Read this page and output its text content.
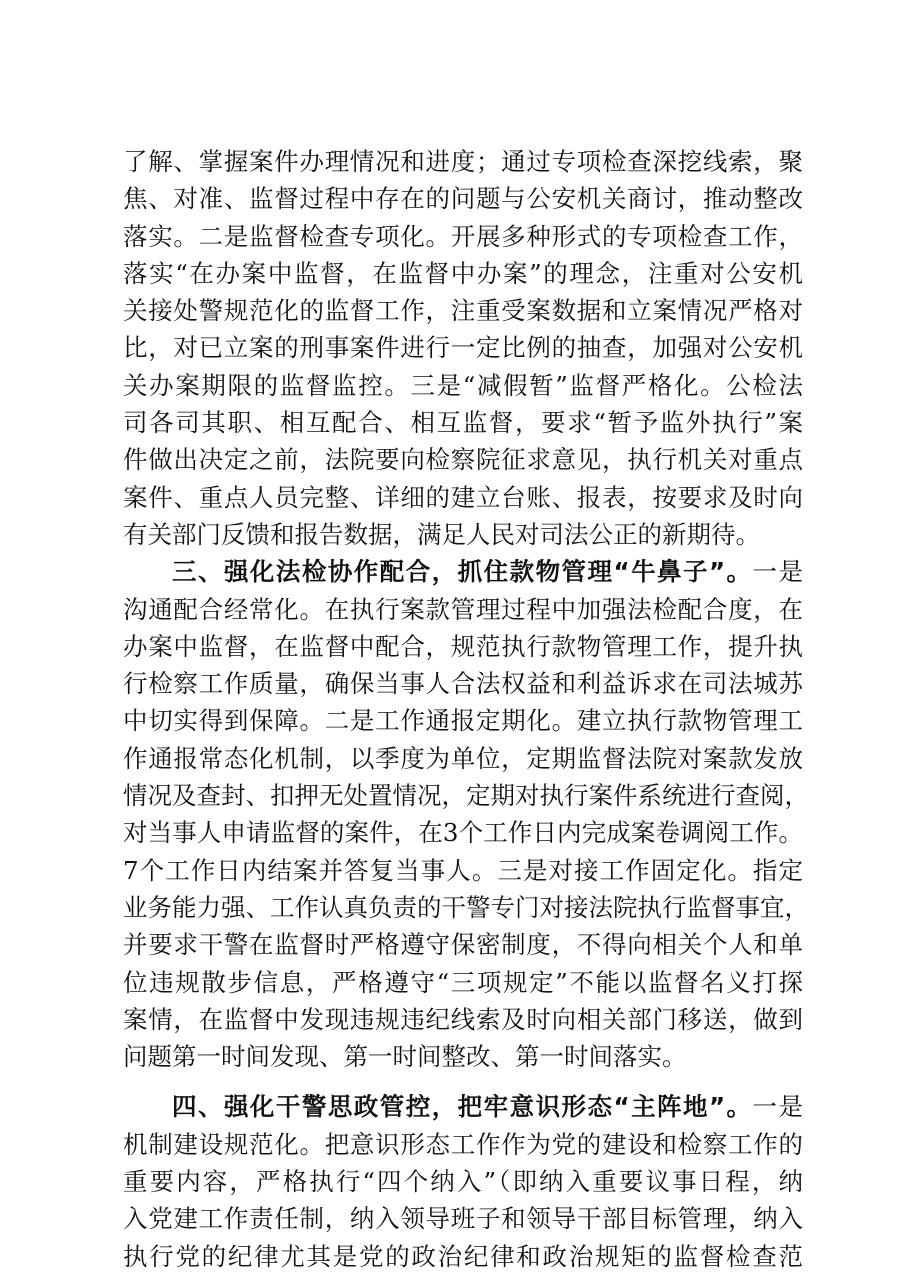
了解、掌握案件办理情况和进度；通过专项检查深挖线索，聚
焦、对准、监督过程中存在的问题与公安机关商讨，推动整改
落实。二是监督检查专项化。开展多种形式的专项检查工作，
落实“在办案中监督，在监督中办案”的理念，注重对公安机
关接处警规范化的监督工作，注重受案数据和立案情况严格对
比，对已立案的刑事案件进行一定比例的抽查，加强对公安机
关办案期限的监督监控。三是“减假暂”监督严格化。公检法
司各司其职、相互配合、相互监督，要求“暂予监外执行”案
件做出决定之前，法院要向检察院征求意见，执行机关对重点
案件、重点人员完整、详细的建立台账、报表，按要求及时向
有关部门反馈和报告数据，满足人民对司法公正的新期待。
三、强化法检协作配合，抓住款物管理“牛鼻子”。一是
沟通配合经常化。在执行案款管理过程中加强法检配合度，在
办案中监督，在监督中配合，规范执行款物管理工作，提升执
行检察工作质量，确保当事人合法权益和利益诉求在司法城苏
中切实得到保障。二是工作通报定期化。建立执行款物管理工
作通报常态化机制，以季度为单位，定期监督法院对案款发放
情况及查封、扣押无处置情况，定期对执行案件系统进行查阅，
对当事人申请监督的案件，在3个工作日内完成案卷调阅工作。
7个工作日内结案并答复当事人。三是对接工作固定化。指定
业务能力强、工作认真负责的干警专门对接法院执行监督事宜，
并要求干警在监督时严格遵守保密制度，不得向相关个人和单
位违规散步信息，严格遵守“三项规定”不能以监督名义打探
案情，在监督中发现违规违纪线索及时向相关部门移送，做到
问题第一时间发现、第一时间整改、第一时间落实。
四、强化干警思政管控，把牢意识形态“主阵地”。一是
机制建设规范化。把意识形态工作作为党的建设和检察工作的
重要内容，严格执行“四个纳入”（即纳入重要议事日程，纳
入党建工作责任制，纳入领导班子和领导干部目标管理，纳入
执行党的纪律尤其是党的政治纪律和政治规矩的监督检查范
